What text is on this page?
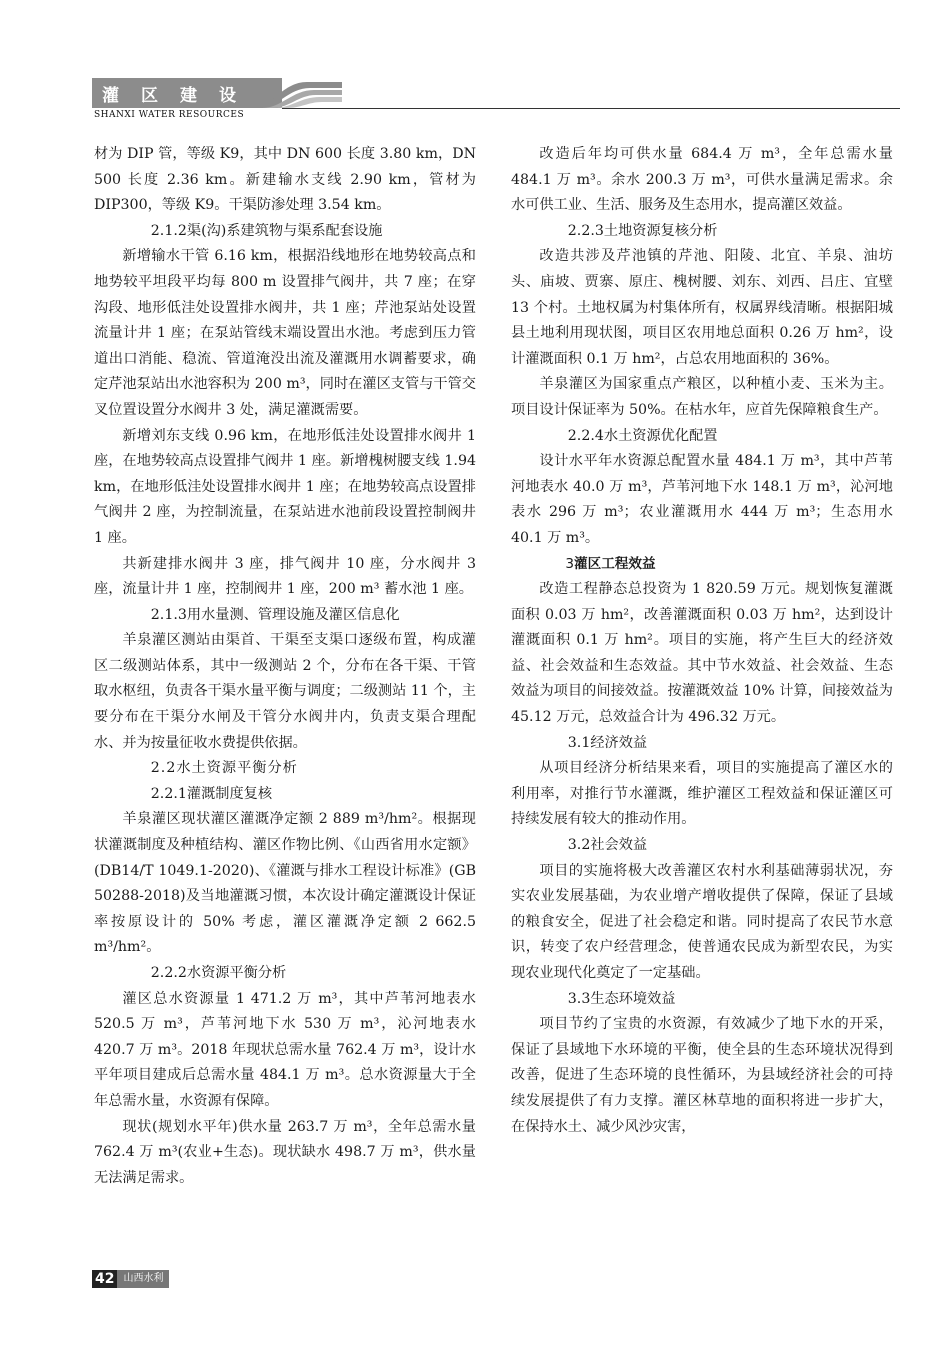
灌区建设
SHANXI WATER RESOURCES

材为 DIP 管，等级 K9，其中 DN 600 长度 3.80 km，DN 500 长度 2.36 km。新建输水支线 2.90 km，管材为 DIP300，等级 K9。干渠防渗处理 3.54 km。

2.1.2渠(沟)系建筑物与渠系配套设施

新增输水干管 6.16 km，根据沿线地形在地势较高点和地势较平坦段平均每 800 m 设置排气阀井，共 7 座；在穿沟段、地形低洼处设置排水阀井，共 1 座；芹池泵站处设置流量计井 1 座；在泵站管线末端设置出水池。考虑到压力管道出口消能、稳流、管道淹没出流及灌溉用水调蓄要求，确定芹池泵站出水池容积为 200 m³，同时在灌区支管与干管交叉位置设置分水阀井 3 处，满足灌溉需要。

新增刘东支线 0.96 km，在地形低洼处设置排水阀井 1 座，在地势较高点设置排气阀井 1 座。新增槐树腰支线 1.94 km，在地形低洼处设置排水阀井 1 座；在地势较高点设置排气阀井 2 座，为控制流量，在泵站进水池前段设置控制阀井 1 座。

共新建排水阀井 3 座，排气阀井 10 座，分水阀井 3 座，流量计井 1 座，控制阀井 1 座，200 m³ 蓄水池 1 座。

2.1.3用水量测、管理设施及灌区信息化

羊泉灌区测站由渠首、干渠至支渠口逐级布置，构成灌区二级测站体系，其中一级测站 2 个，分布在各干渠、干管取水枢纽，负责各干渠水量平衡与调度；二级测站 11 个，主要分布在干渠分水闸及干管分水阀井内，负责支渠合理配水、并为按量征收水费提供依据。

2.2水土资源平衡分析

2.2.1灌溉制度复核

羊泉灌区现状灌区灌溉净定额 2 889 m³/hm²。根据现状灌溉制度及种植结构、灌区作物比例、《山西省用水定额》(DB14/T 1049.1-2020)、《灌溉与排水工程设计标准》(GB 50288-2018)及当地灌溉习惯，本次设计确定灌溉设计保证率按原设计的 50% 考虑，灌区灌溉净定额 2 662.5 m³/hm²。

2.2.2水资源平衡分析

灌区总水资源量 1 471.2 万 m³，其中芦苇河地表水520.5 万 m³，芦苇河地下水 530 万 m³，沁河地表水 420.7 万 m³。2018 年现状总需水量 762.4 万 m³，设计水平年项目建成后总需水量 484.1 万 m³。总水资源量大于全年总需水量，水资源有保障。

现状(规划水平年)供水量 263.7 万 m³，全年总需水量 762.4 万 m³(农业+生态)。现状缺水 498.7 万 m³，供水量无法满足需求。

改造后年均可供水量 684.4 万 m³，全年总需水量 484.1 万 m³。余水 200.3 万 m³，可供水量满足需求。余水可供工业、生活、服务及生态用水，提高灌区效益。

2.2.3土地资源复核分析

改造共涉及芹池镇的芹池、阳陵、北宜、羊泉、油坊头、庙坡、贾寨、原庄、槐树腰、刘东、刘西、吕庄、宜壁 13 个村。土地权属为村集体所有，权属界线清晰。根据阳城县土地利用现状图，项目区农用地总面积 0.26 万 hm²，设计灌溉面积 0.1 万 hm²，占总农用地面积的 36%。

羊泉灌区为国家重点产粮区，以种植小麦、玉米为主。项目设计保证率为 50%。在枯水年，应首先保障粮食生产。

2.2.4水土资源优化配置

设计水平年水资源总配置水量 484.1 万 m³，其中芦苇河地表水 40.0 万 m³，芦苇河地下水 148.1 万 m³，沁河地表水 296 万 m³；农业灌溉用水 444 万 m³；生态用水 40.1 万 m³。

3灌区工程效益

改造工程静态总投资为 1 820.59 万元。规划恢复灌溉面积 0.03 万 hm²，改善灌溉面积 0.03 万 hm²，达到设计灌溉面积 0.1 万 hm²。项目的实施，将产生巨大的经济效益、社会效益和生态效益。其中节水效益、社会效益、生态效益为项目的间接效益。按灌溉效益 10% 计算，间接效益为 45.12 万元，总效益合计为 496.32 万元。

3.1经济效益

从项目经济分析结果来看，项目的实施提高了灌区水的利用率，对推行节水灌溉，维护灌区工程效益和保证灌区可持续发展有较大的推动作用。

3.2社会效益

项目的实施将极大改善灌区农村水利基础薄弱状况，夯实农业发展基础，为农业增产增收提供了保障，保证了县域的粮食安全，促进了社会稳定和谐。同时提高了农民节水意识，转变了农户经营理念，使普通农民成为新型农民，为实现农业现代化奠定了一定基础。

3.3生态环境效益

项目节约了宝贵的水资源，有效减少了地下水的开采，保证了县域地下水环境的平衡，使全县的生态环境状况得到改善，促进了生态环境的良性循环，为县域经济社会的可持续发展提供了有力支撑。灌区林草地的面积将进一步扩大，在保持水土、减少风沙灾害，

42 山西水利
